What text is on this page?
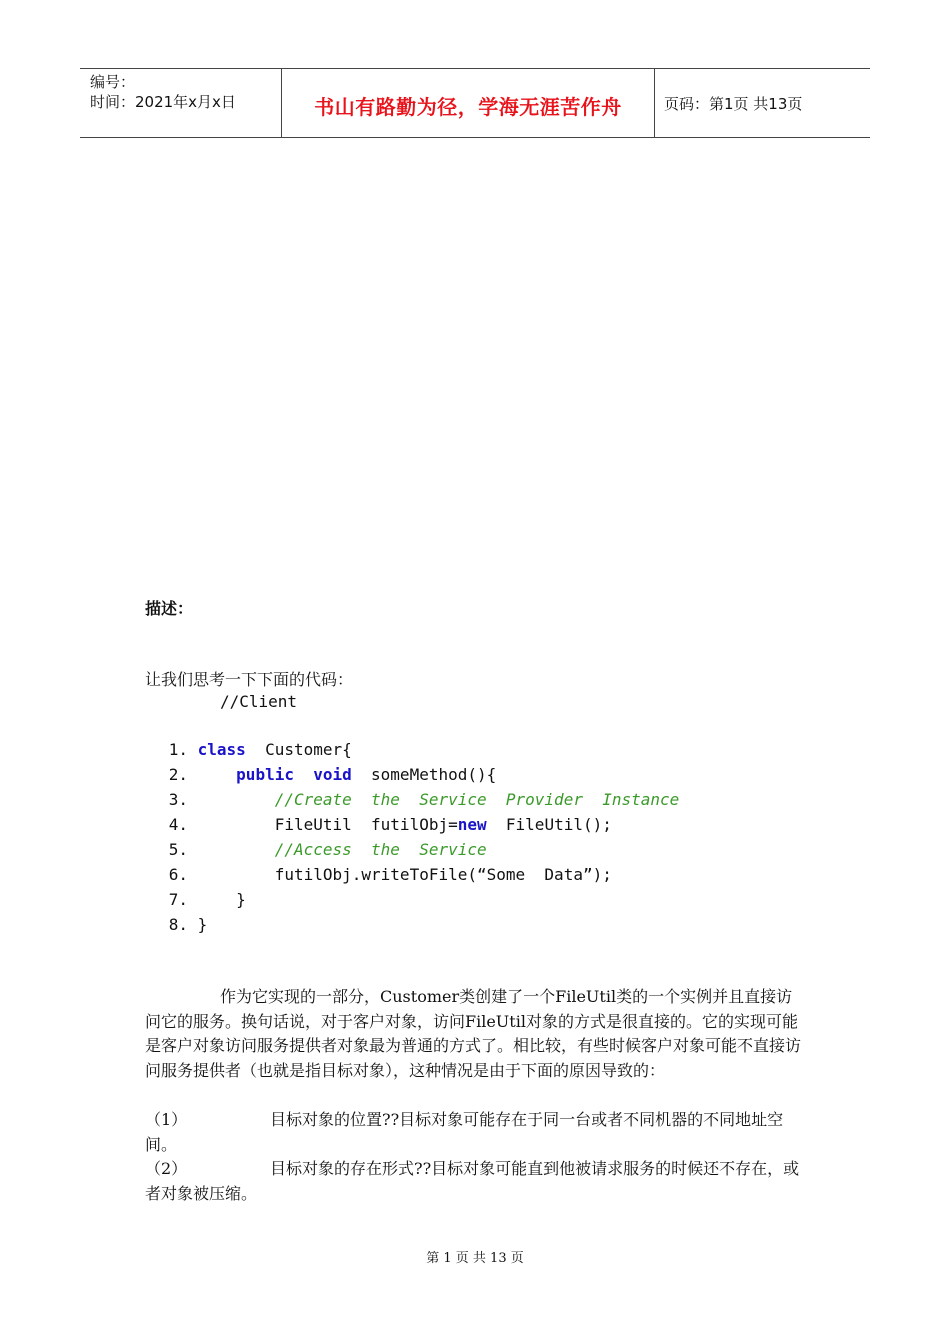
编号：
时间：2021年x月x日	书山有路勤为径，学海无涯苦作舟	页码：第1页 共13页
描述：
让我们思考一下下面的代码：
//Client
1. class  Customer{
2.	public void  someMethod(){
3.	//Create  the  Service  Provider  Instance
4.         FileUtil  futilObj=new  FileUtil();
5.	//Access  the  Service
6.         futilObj.writeToFile(“Some  Data”);
7.     }
8. }
作为它实现的一部分，Customer类创建了一个FileUtil类的一个实例并且直接访问它的服务。换句话说，对于客户对象，访问FileUtil对象的方式是很直接的。它的实现可能是客户对象访问服务提供者对象最为普通的方式了。相比较，有些时候客户对象可能不直接访问服务提供者（也就是指目标对象），这种情况是由于下面的原因导致的：
（1）	目标对象的位置??目标对象可能存在于同一台或者不同机器的不同地址空间。
（2）	目标对象的存在形式??目标对象可能直到他被请求服务的时候还不存在，或者对象被压缩。
第 1 页 共 13 页
